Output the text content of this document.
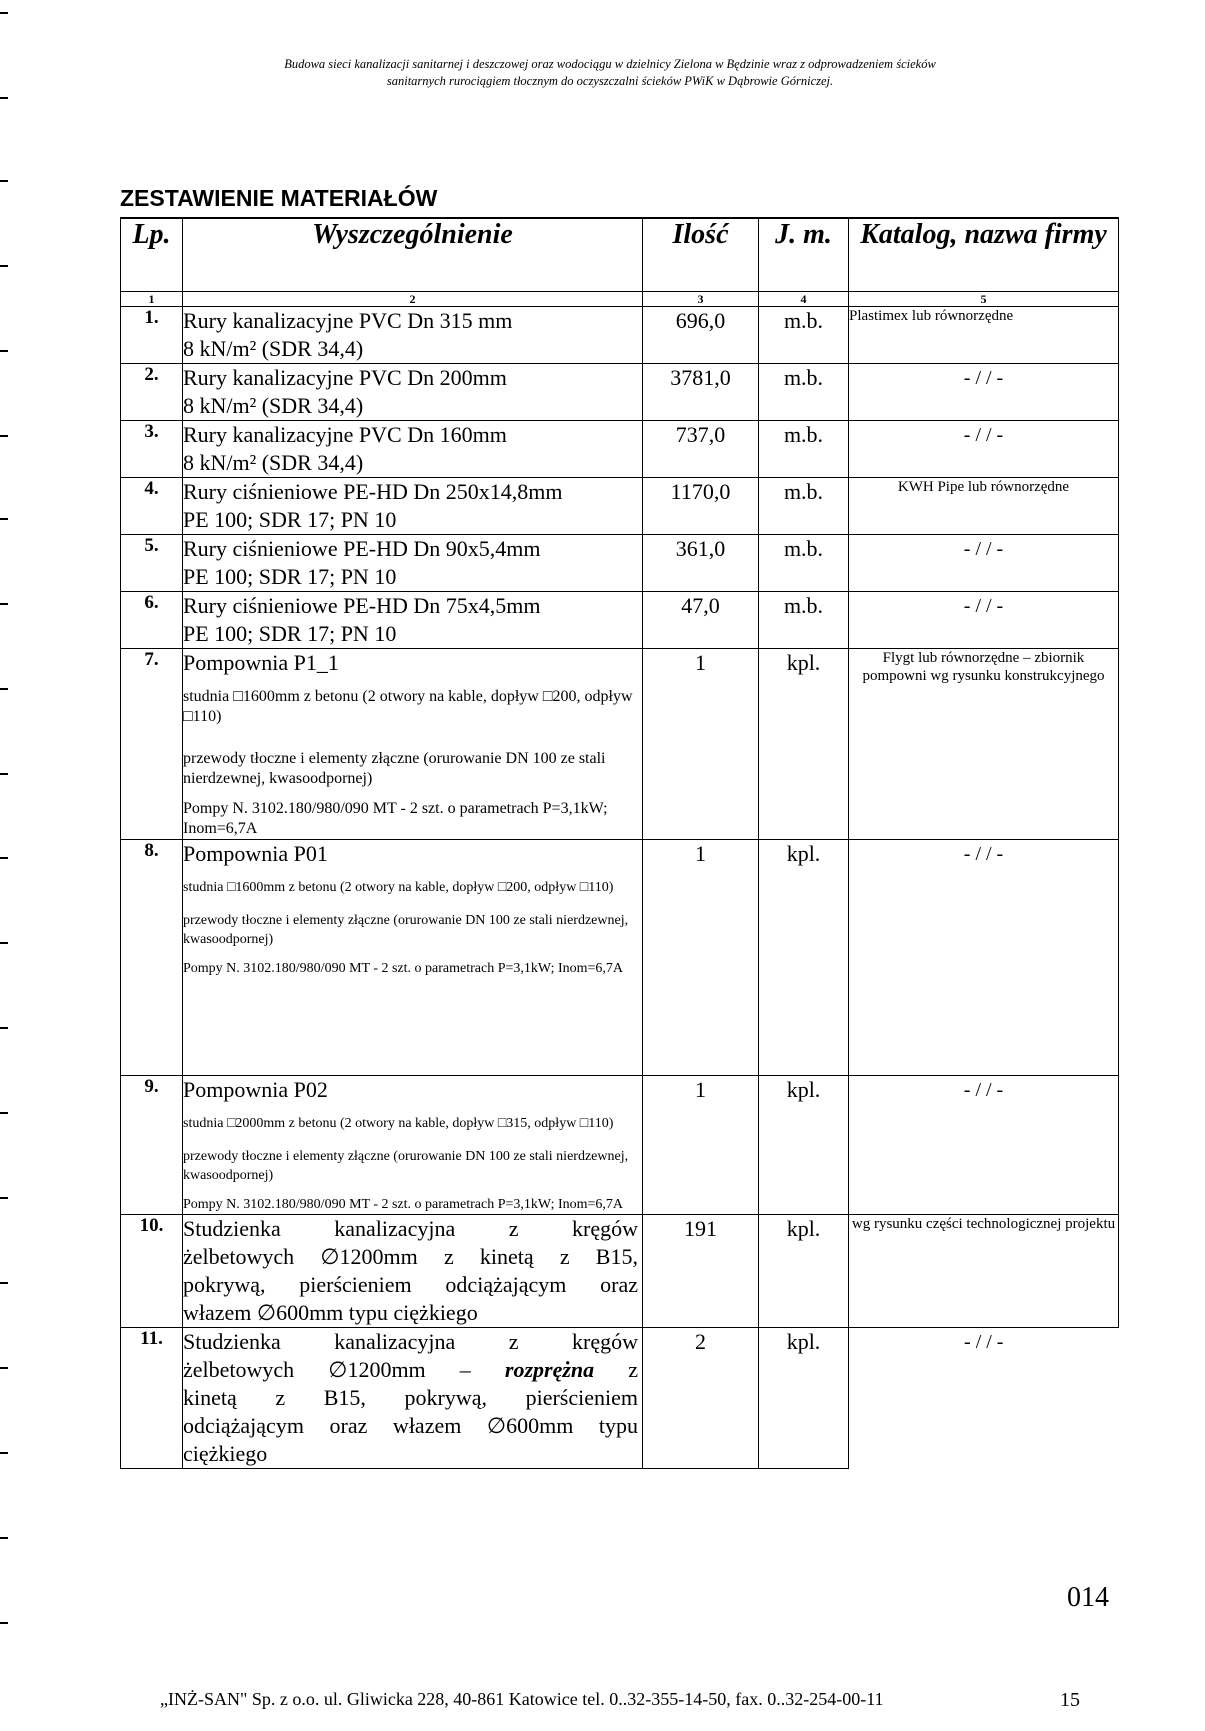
Budowa sieci kanalizacji sanitarnej i deszczowej oraz wodociągu w dzielnicy Zielona w Będzinie wraz z odprowadzeniem ścieków
sanitarnych rurociągiem tłocznym do oczyszczalni ścieków PWiK w Dąbrowie Górniczej.
ZESTAWIENIE MATERIAŁÓW
Lp.	Wyszczególnienie	Ilość	J. m.	Katalog, nazwa firmy
1	2	3	4	5
1.	Rury kanalizacyjne PVC Dn 315 mm
8 kN/m² (SDR 34,4)	696,0	m.b.	Plastimex lub równorzędne
2.	Rury kanalizacyjne PVC Dn 200mm
8 kN/m² (SDR 34,4)	3781,0	m.b.	- / / -
3.	Rury kanalizacyjne PVC Dn 160mm
8 kN/m² (SDR 34,4)	737,0	m.b.	- / / -
4.	Rury ciśnieniowe PE-HD Dn 250x14,8mm
PE 100; SDR 17; PN 10	1170,0	m.b.	KWH Pipe lub równorzędne
5.	Rury ciśnieniowe PE-HD Dn 90x5,4mm
PE 100; SDR 17; PN 10	361,0	m.b.	- / / -
6.	Rury ciśnieniowe PE-HD Dn 75x4,5mm
PE 100; SDR 17; PN 10	47,0	m.b.	- / / -
7.	Pompownia P1_1
studnia □1600mm z betonu (2 otwory na kable, dopływ □200, odpływ □110)
przewody tłoczne i elementy złączne (orurowanie DN 100 ze stali nierdzewnej, kwasoodpornej)
Pompy N. 3102.180/980/090 MT - 2 szt. o parametrach P=3,1kW; Inom=6,7A	1	kpl.	Flygt lub równorzędne – zbiornik pompowni wg rysunku konstrukcyjnego
8.	Pompownia P01
studnia □1600mm z betonu (2 otwory na kable, dopływ □200, odpływ □110)
przewody tłoczne i elementy złączne (orurowanie DN 100 ze stali nierdzewnej, kwasoodpornej)
Pompy N. 3102.180/980/090 MT - 2 szt. o parametrach P=3,1kW; Inom=6,7A	1	kpl.	- / / -
9.	Pompownia P02
studnia □2000mm z betonu (2 otwory na kable, dopływ □315, odpływ □110)
przewody tłoczne i elementy złączne (orurowanie DN 100 ze stali nierdzewnej, kwasoodpornej)
Pompy N. 3102.180/980/090 MT - 2 szt. o parametrach P=3,1kW; Inom=6,7A	1	kpl.	- / / -
10.	Studzienka kanalizacyjna z kręgów
żelbetowych ∅1200mm z kinetą z B15,
pokrywą, pierścieniem odciążającym oraz
włazem ∅600mm typu ciężkiego	191	kpl.	wg rysunku części technologicznej projektu
11.	Studzienka kanalizacyjna z kręgów
żelbetowych ∅1200mm – rozprężna z
kinetą z B15, pokrywą, pierścieniem
odciążającym oraz włazem ∅600mm typu
ciężkiego	2	kpl.	- / / -
014
„INŻ-SAN" Sp. z o.o. ul. Gliwicka 228, 40-861 Katowice tel. 0..32-355-14-50, fax. 0..32-254-00-11	15
